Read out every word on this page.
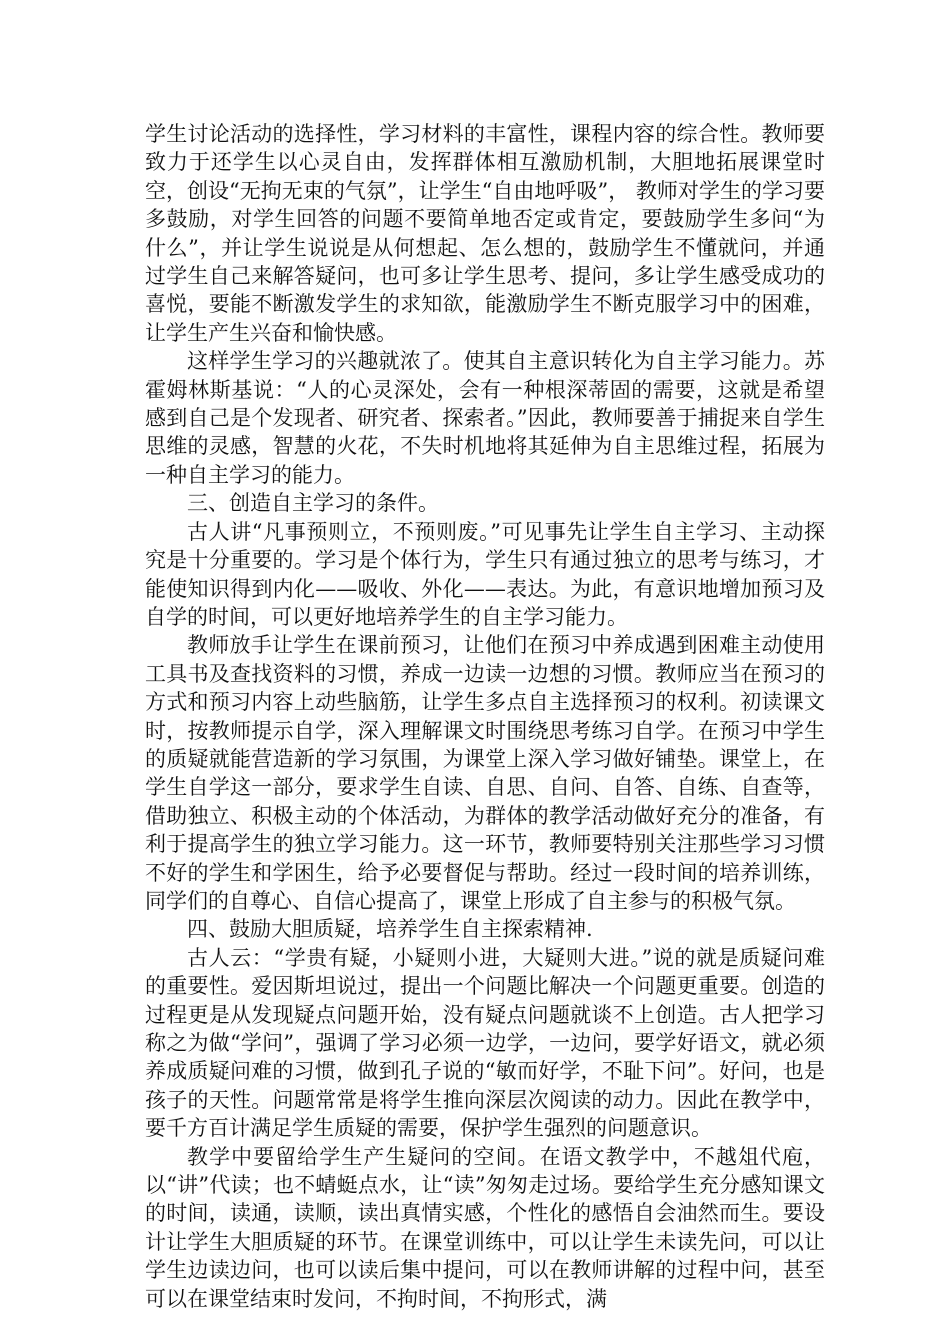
学生讨论活动的选择性，学习材料的丰富性，课程内容的综合性。教师要致力于还学生以心灵自由，发挥群体相互激励机制，大胆地拓展课堂时空，创设“无拘无束的气氛”，让学生“自由地呼吸”， 教师对学生的学习要多鼓励，对学生回答的问题不要简单地否定或肯定，要鼓励学生多问“为什么”，并让学生说说是从何想起、怎么想的，鼓励学生不懂就问，并通过学生自己来解答疑问，也可多让学生思考、提问，多让学生感受成功的喜悦，要能不断激发学生的求知欲，能激励学生不断克服学习中的困难，让学生产生兴奋和愉快感。

这样学生学习的兴趣就浓了。使其自主意识转化为自主学习能力。苏霍姆林斯基说：“人的心灵深处，会有一种根深蒂固的需要，这就是希望感到自己是个发现者、研究者、探索者。”因此，教师要善于捕捉来自学生思维的灵感，智慧的火花，不失时机地将其延伸为自主思维过程，拓展为一种自主学习的能力。

三、创造自主学习的条件。

古人讲“凡事预则立，不预则废。”可见事先让学生自主学习、主动探究是十分重要的。学习是个体行为，学生只有通过独立的思考与练习，才能使知识得到内化——吸收、外化——表达。为此，有意识地增加预习及自学的时间，可以更好地培养学生的自主学习能力。

教师放手让学生在课前预习，让他们在预习中养成遇到困难主动使用工具书及查找资料的习惯，养成一边读一边想的习惯。教师应当在预习的方式和预习内容上动些脑筋，让学生多点自主选择预习的权利。初读课文时，按教师提示自学，深入理解课文时围绕思考练习自学。在预习中学生的质疑就能营造新的学习氛围，为课堂上深入学习做好铺垫。课堂上，在学生自学这一部分，要求学生自读、自思、自问、自答、自练、自查等，借助独立、积极主动的个体活动，为群体的教学活动做好充分的准备，有利于提高学生的独立学习能力。这一环节，教师要特别关注那些学习习惯不好的学生和学困生，给予必要督促与帮助。经过一段时间的培养训练，同学们的自尊心、自信心提高了，课堂上形成了自主参与的积极气氛。

四、鼓励大胆质疑，培养学生自主探索精神.

古人云：“学贵有疑，小疑则小进，大疑则大进。”说的就是质疑问难的重要性。爱因斯坦说过，提出一个问题比解决一个问题更重要。创造的过程更是从发现疑点问题开始，没有疑点问题就谈不上创造。古人把学习称之为做“学问”，强调了学习必须一边学，一边问，要学好语文，就必须养成质疑问难的习惯，做到孔子说的“敏而好学，不耻下问”。好问，也是孩子的天性。问题常常是将学生推向深层次阅读的动力。因此在教学中，要千方百计满足学生质疑的需要，保护学生强烈的问题意识。

教学中要留给学生产生疑问的空间。在语文教学中，不越俎代庖，以“讲”代读；也不蜻蜓点水，让“读”匆匆走过场。要给学生充分感知课文的时间，读通，读顺，读出真情实感，个性化的感悟自会油然而生。要设计让学生大胆质疑的环节。在课堂训练中，可以让学生未读先问，可以让学生边读边问，也可以读后集中提问，可以在教师讲解的过程中问，甚至可以在课堂结束时发问，不拘时间，不拘形式，满
